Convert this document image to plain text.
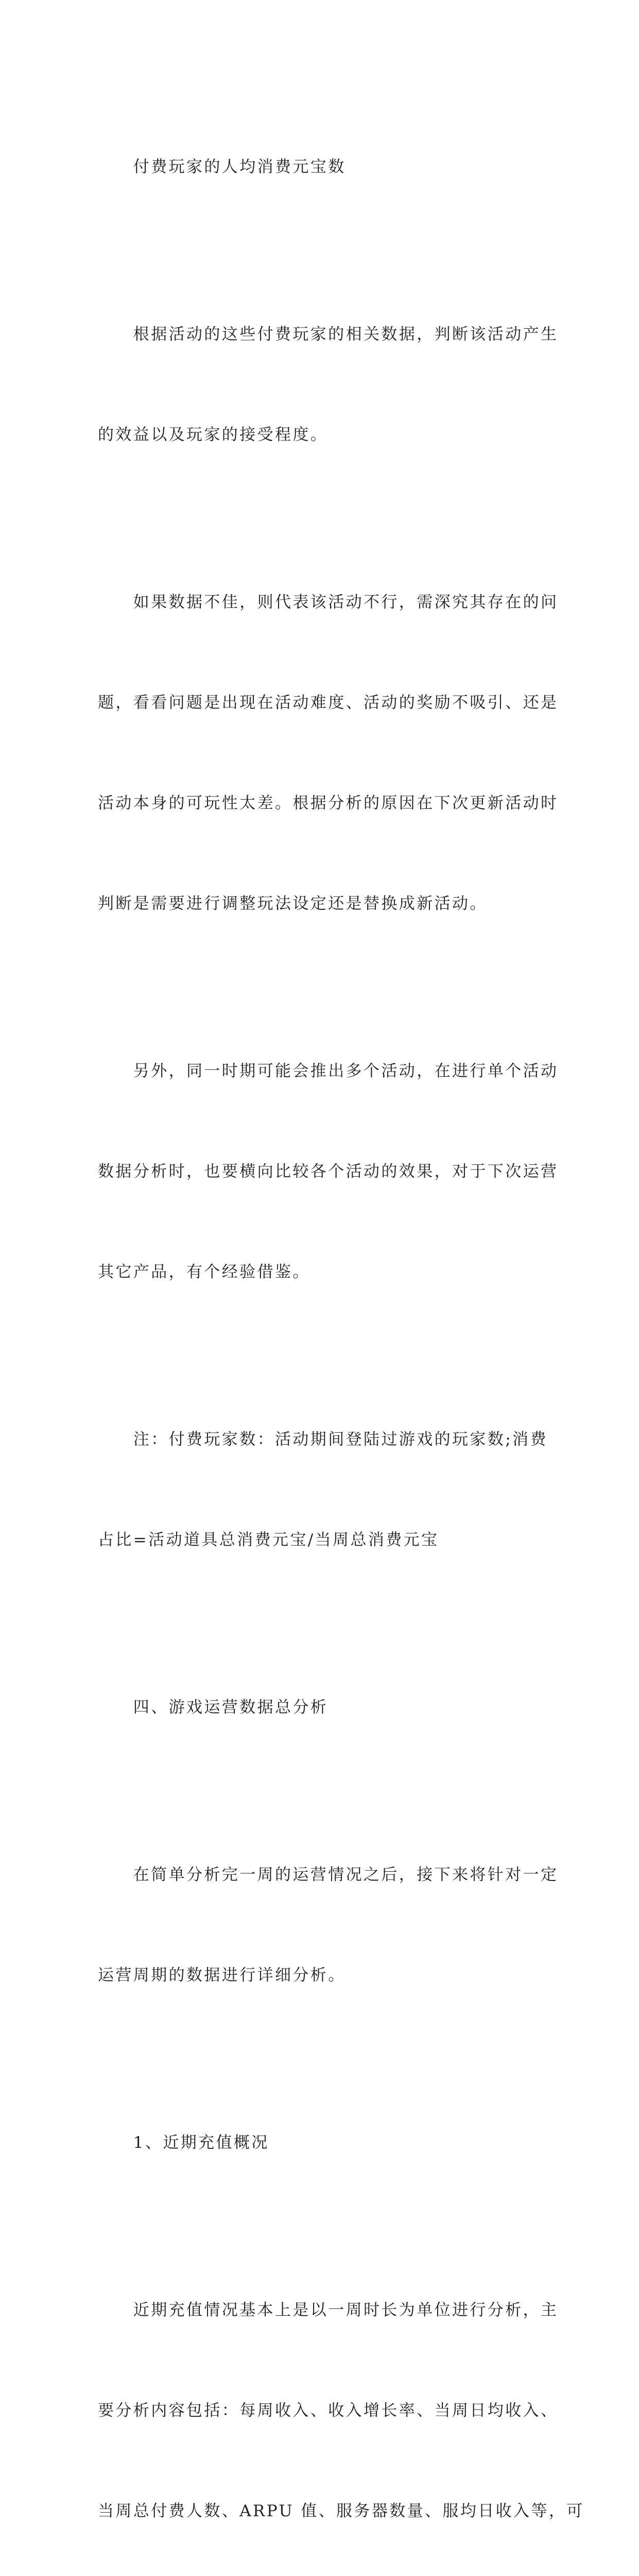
　　付费玩家的人均消费元宝数

　　根据活动的这些付费玩家的相关数据，判断该活动产生

的效益以及玩家的接受程度。

　　如果数据不佳，则代表该活动不行，需深究其存在的问

题，看看问题是出现在活动难度、活动的奖励不吸引、还是

活动本身的可玩性太差。根据分析的原因在下次更新活动时

判断是需要进行调整玩法设定还是替换成新活动。

　　另外，同一时期可能会推出多个活动，在进行单个活动

数据分析时，也要横向比较各个活动的效果，对于下次运营

其它产品，有个经验借鉴。

　　注：付费玩家数：活动期间登陆过游戏的玩家数;消费

占比=活动道具总消费元宝/当周总消费元宝

　　四、游戏运营数据总分析

　　在简单分析完一周的运营情况之后，接下来将针对一定

运营周期的数据进行详细分析。

　　1、近期充值概况

　　近期充值情况基本上是以一周时长为单位进行分析，主

要分析内容包括：每周收入、收入增长率、当周日均收入、

当周总付费人数、ARPU 值、服务器数量、服均日收入等，可
